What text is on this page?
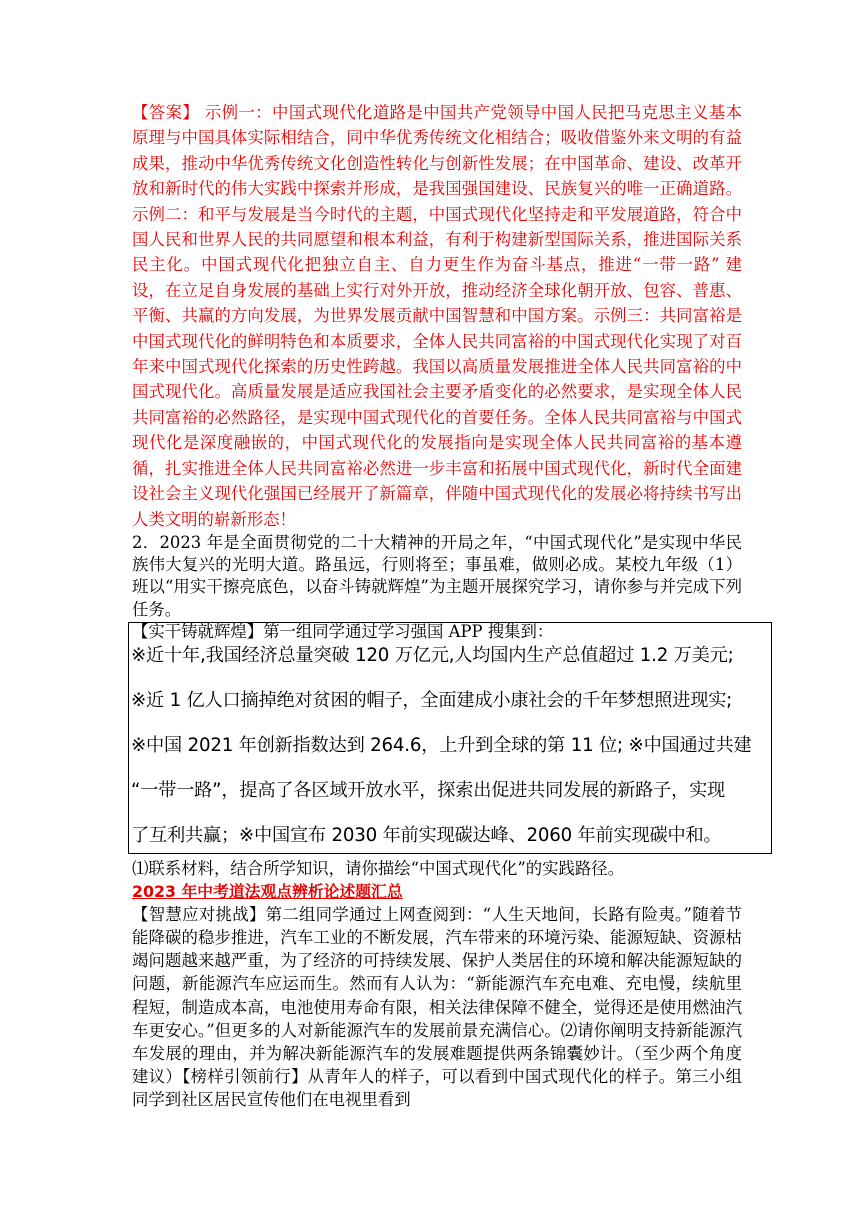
【答案】 示例一：中国式现代化道路是中国共产党领导中国人民把马克思主义基本原理与中国具体实际相结合，同中华优秀传统文化相结合；吸收借鉴外来文明的有益成果，推动中华优秀传统文化创造性转化与创新性发展；在中国革命、建设、改革开放和新时代的伟大实践中探索并形成，是我国强国建设、民族复兴的唯一正确道路。 示例二：和平与发展是当今时代的主题，中国式现代化坚持走和平发展道路，符合中国人民和世界人民的共同愿望和根本利益，有利于构建新型国际关系，推进国际关系民主化。中国式现代化把独立自主、自力更生作为奋斗基点，推进“一带一路” 建设，在立足自身发展的基础上实行对外开放，推动经济全球化朝开放、包容、普惠、平衡、共赢的方向发展，为世界发展贡献中国智慧和中国方案。示例三：共同富裕是中国式现代化的鲜明特色和本质要求，全体人民共同富裕的中国式现代化实现了对百年来中国式现代化探索的历史性跨越。我国以高质量发展推进全体人民共同富裕的中国式现代化。高质量发展是适应我国社会主要矛盾变化的必然要求，是实现全体人民共同富裕的必然路径，是实现中国式现代化的首要任务。全体人民共同富裕与中国式现代化是深度融嵌的，中国式现代化的发展指向是实现全体人民共同富裕的基本遵循，扎实推进全体人民共同富裕必然进一步丰富和拓展中国式现代化，新时代全面建设社会主义现代化强国已经展开了新篇章，伴随中国式现代化的发展必将持续书写出人类文明的崭新形态！

2．2023 年是全面贯彻党的二十大精神的开局之年，“中国式现代化”是实现中华民族伟大复兴的光明大道。路虽远，行则将至；事虽难，做则必成。某校九年级（1）班以“用实干擦亮底色，以奋斗铸就辉煌”为主题开展探究学习，请你参与并完成下列任务。

【实干铸就辉煌】第一组同学通过学习强国 APP 搜集到：

※近十年,我国经济总量突破 120 万亿元,人均国内生产总值超过 1.2 万美元;

※近 1 亿人口摘掉绝对贫困的帽子，全面建成小康社会的千年梦想照进现实;

※中国 2021 年创新指数达到 264.6，上升到全球的第 11 位; ※中国通过共建

“一带一路”，提高了各区域开放水平，探索出促进共同发展的新路子，实现

了互利共赢；※中国宣布 2030 年前实现碳达峰、2060 年前实现碳中和。

⑴联系材料，结合所学知识，请你描绘“中国式现代化”的实践路径。

2023 年中考道法观点辨析论述题汇总

【智慧应对挑战】第二组同学通过上网查阅到：“人生天地间，长路有险夷。”随着节能降碳的稳步推进，汽车工业的不断发展，汽车带来的环境污染、能源短缺、资源枯竭问题越来越严重，为了经济的可持续发展、保护人类居住的环境和解决能源短缺的问题，新能源汽车应运而生。然而有人认为：“新能源汽车充电难、充电慢，续航里程短，制造成本高，电池使用寿命有限，相关法律保障不健全，觉得还是使用燃油汽车更安心。”但更多的人对新能源汽车的发展前景充满信心。⑵请你阐明支持新能源汽车发展的理由，并为解决新能源汽车的发展难题提供两条锦囊妙计。（至少两个角度建议）【榜样引领前行】从青年人的样子，可以看到中国式现代化的样子。第三小组同学到社区居民宣传他们在电视里看到
